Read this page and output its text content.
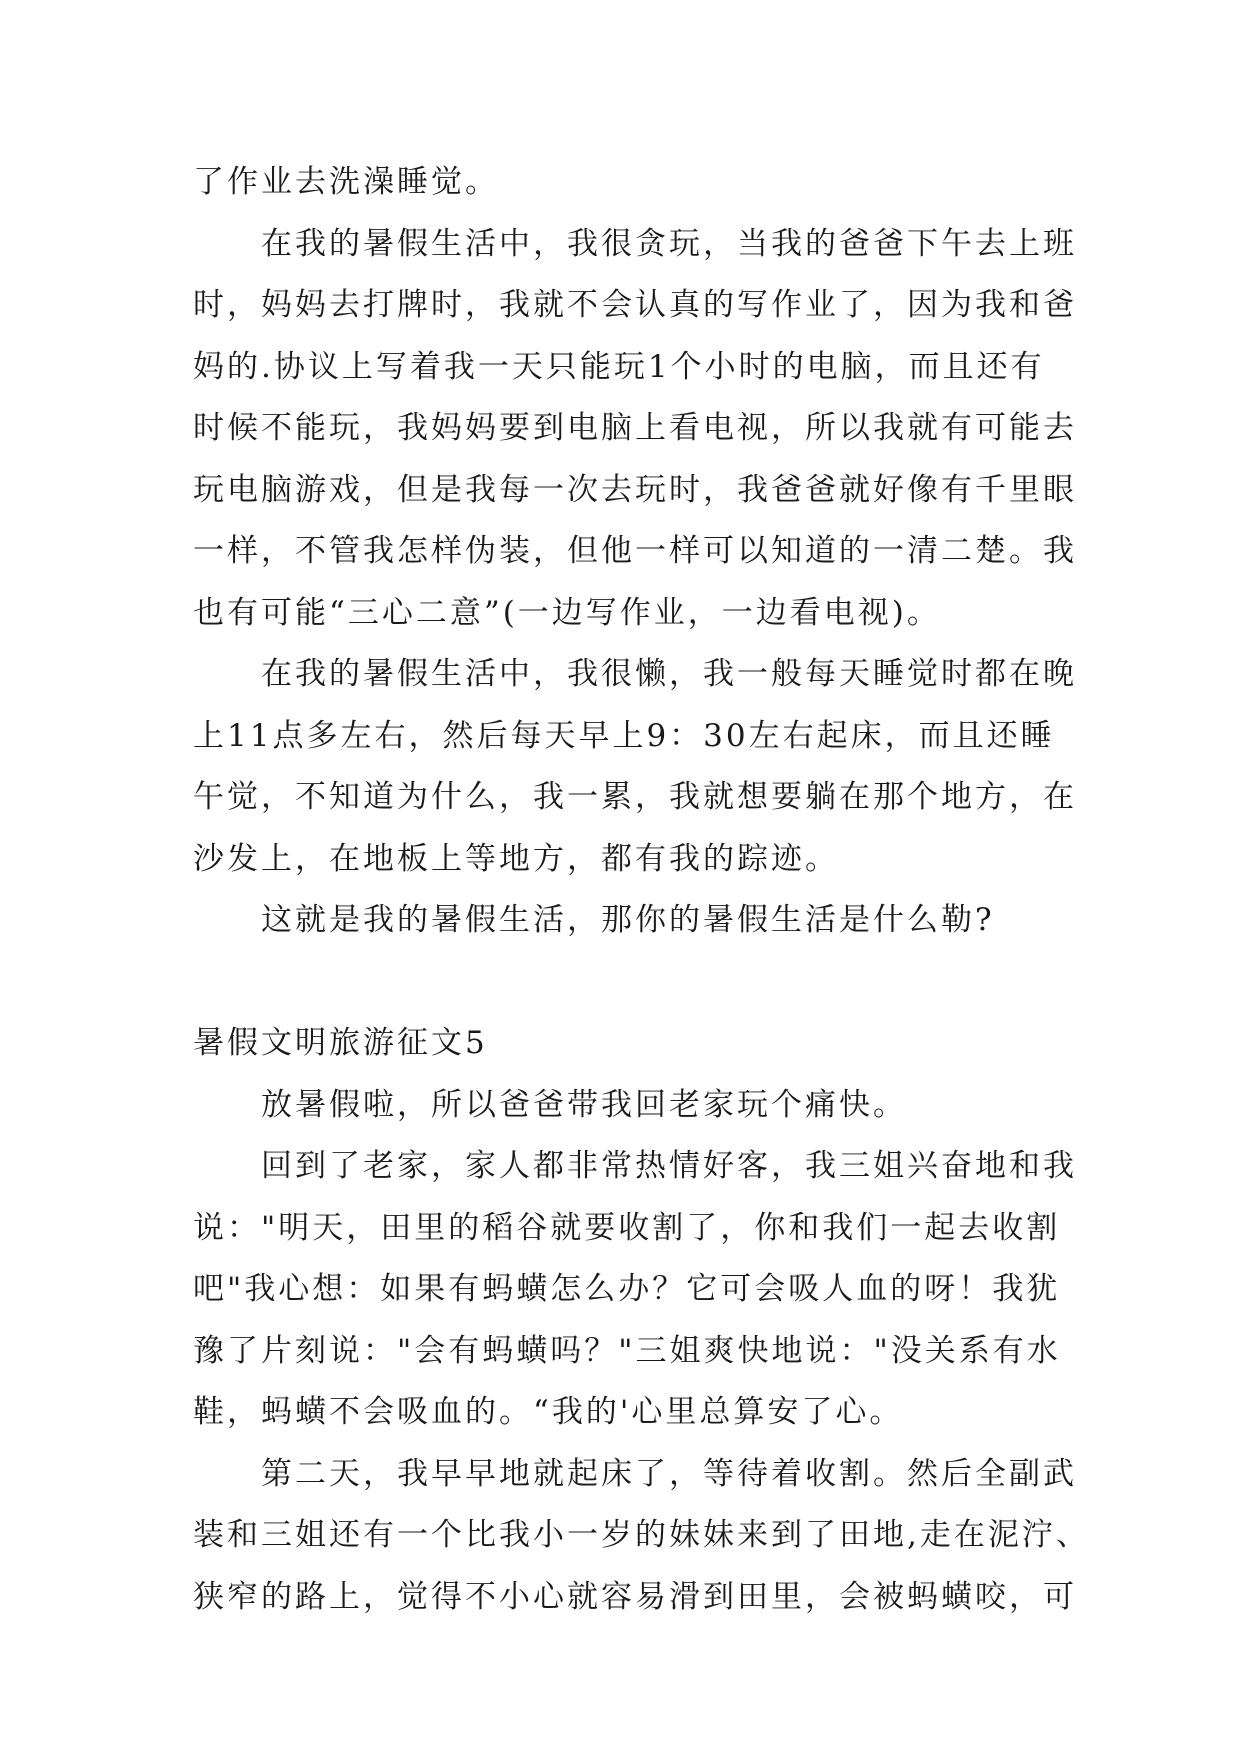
了作业去洗澡睡觉。
　　在我的暑假生活中，我很贪玩，当我的爸爸下午去上班
时，妈妈去打牌时，我就不会认真的写作业了，因为我和爸
妈的.协议上写着我一天只能玩1个小时的电脑，而且还有
时候不能玩，我妈妈要到电脑上看电视，所以我就有可能去
玩电脑游戏，但是我每一次去玩时，我爸爸就好像有千里眼
一样，不管我怎样伪装，但他一样可以知道的一清二楚。我
也有可能“三心二意”(一边写作业，一边看电视)。
　　在我的暑假生活中，我很懒，我一般每天睡觉时都在晚
上11点多左右，然后每天早上9：30左右起床，而且还睡
午觉，不知道为什么，我一累，我就想要躺在那个地方，在
沙发上，在地板上等地方，都有我的踪迹。
　　这就是我的暑假生活，那你的暑假生活是什么勒?
暑假文明旅游征文5
　　放暑假啦，所以爸爸带我回老家玩个痛快。
　　回到了老家，家人都非常热情好客，我三姐兴奋地和我
说："明天，田里的稻谷就要收割了，你和我们一起去收割
吧"我心想：如果有蚂蟥怎么办？它可会吸人血的呀！我犹
豫了片刻说："会有蚂蟥吗？"三姐爽快地说："没关系有水
鞋，蚂蟥不会吸血的。“我的'心里总算安了心。
　　第二天，我早早地就起床了，等待着收割。然后全副武
装和三姐还有一个比我小一岁的妹妹来到了田地,走在泥泞、
狭窄的路上，觉得不小心就容易滑到田里，会被蚂蟥咬，可
